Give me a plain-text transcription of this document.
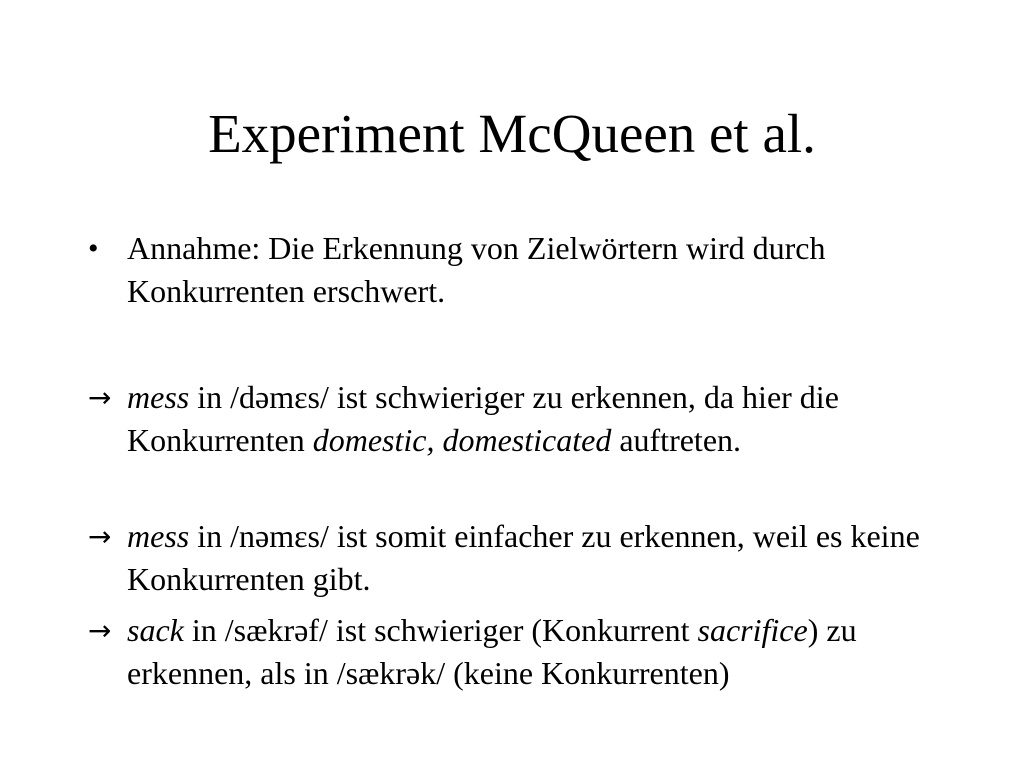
Experiment McQueen et al.
• Annahme: Die Erkennung von Zielwörtern wird durch Konkurrenten erschwert.
→ mess in /dəmɛs/ ist schwieriger zu erkennen, da hier die Konkurrenten domestic, domesticated auftreten.
→ mess in /nəmɛs/ ist somit einfacher zu erkennen, weil es keine Konkurrenten gibt.
→ sack in /sækrəf/ ist schwieriger (Konkurrent sacrifice) zu erkennen, als in /sækrək/ (keine Konkurrenten)
